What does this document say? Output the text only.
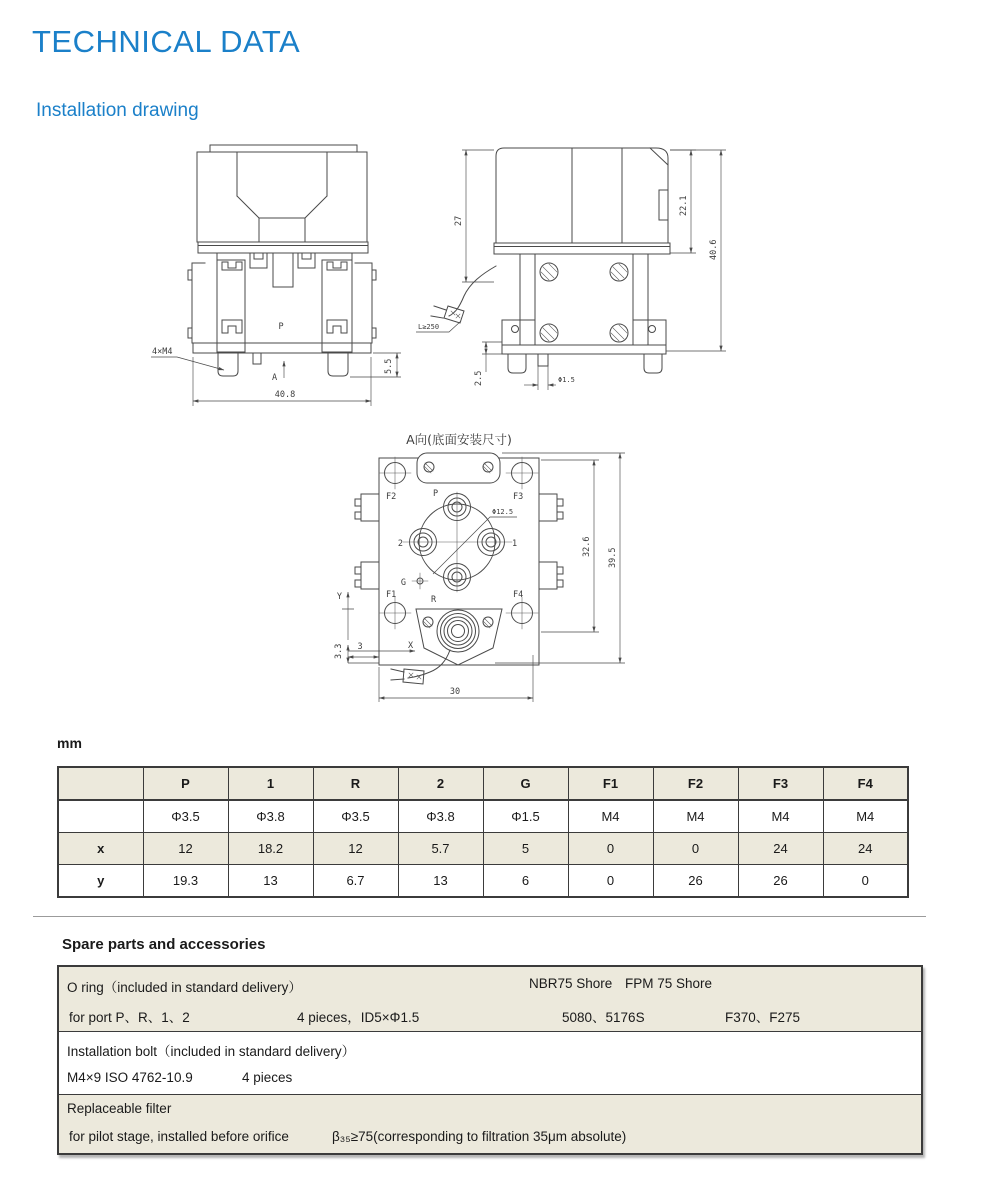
TECHNICAL DATA
Installation drawing
P
A
40.8
5.5
4×M4
L≥250
27
22.1
40.6
2.5	Φ1.5
A向(底面安装尺寸)
F2	P	F3
2	1
G
F1	R	F4
Φ12.5
32.6
39.5
30
Y
3.3	X
3
mm
	P	1	R	2	G	F1	F2	F3	F4
	Φ3.5	Φ3.8	Φ3.5	Φ3.8	Φ1.5	M4	M4	M4	M4
x	12	18.2	12	5.7	5	0	0	24	24
y	19.3	13	6.7	13	6	0	26	26	0
Spare parts and accessories
O ring（included in standard delivery）	NBR75 Shore FPM 75 Shore
for port P、R、1、2	4 pieces，ID5×Φ1.5	5080、5176S	F370、F275
Installation bolt（included in standard delivery）
M4×9 ISO 4762-10.9	4 pieces
Replaceable filter
for pilot stage, installed before orifice	β₃₅≥75(corresponding to filtration 35μm absolute)
